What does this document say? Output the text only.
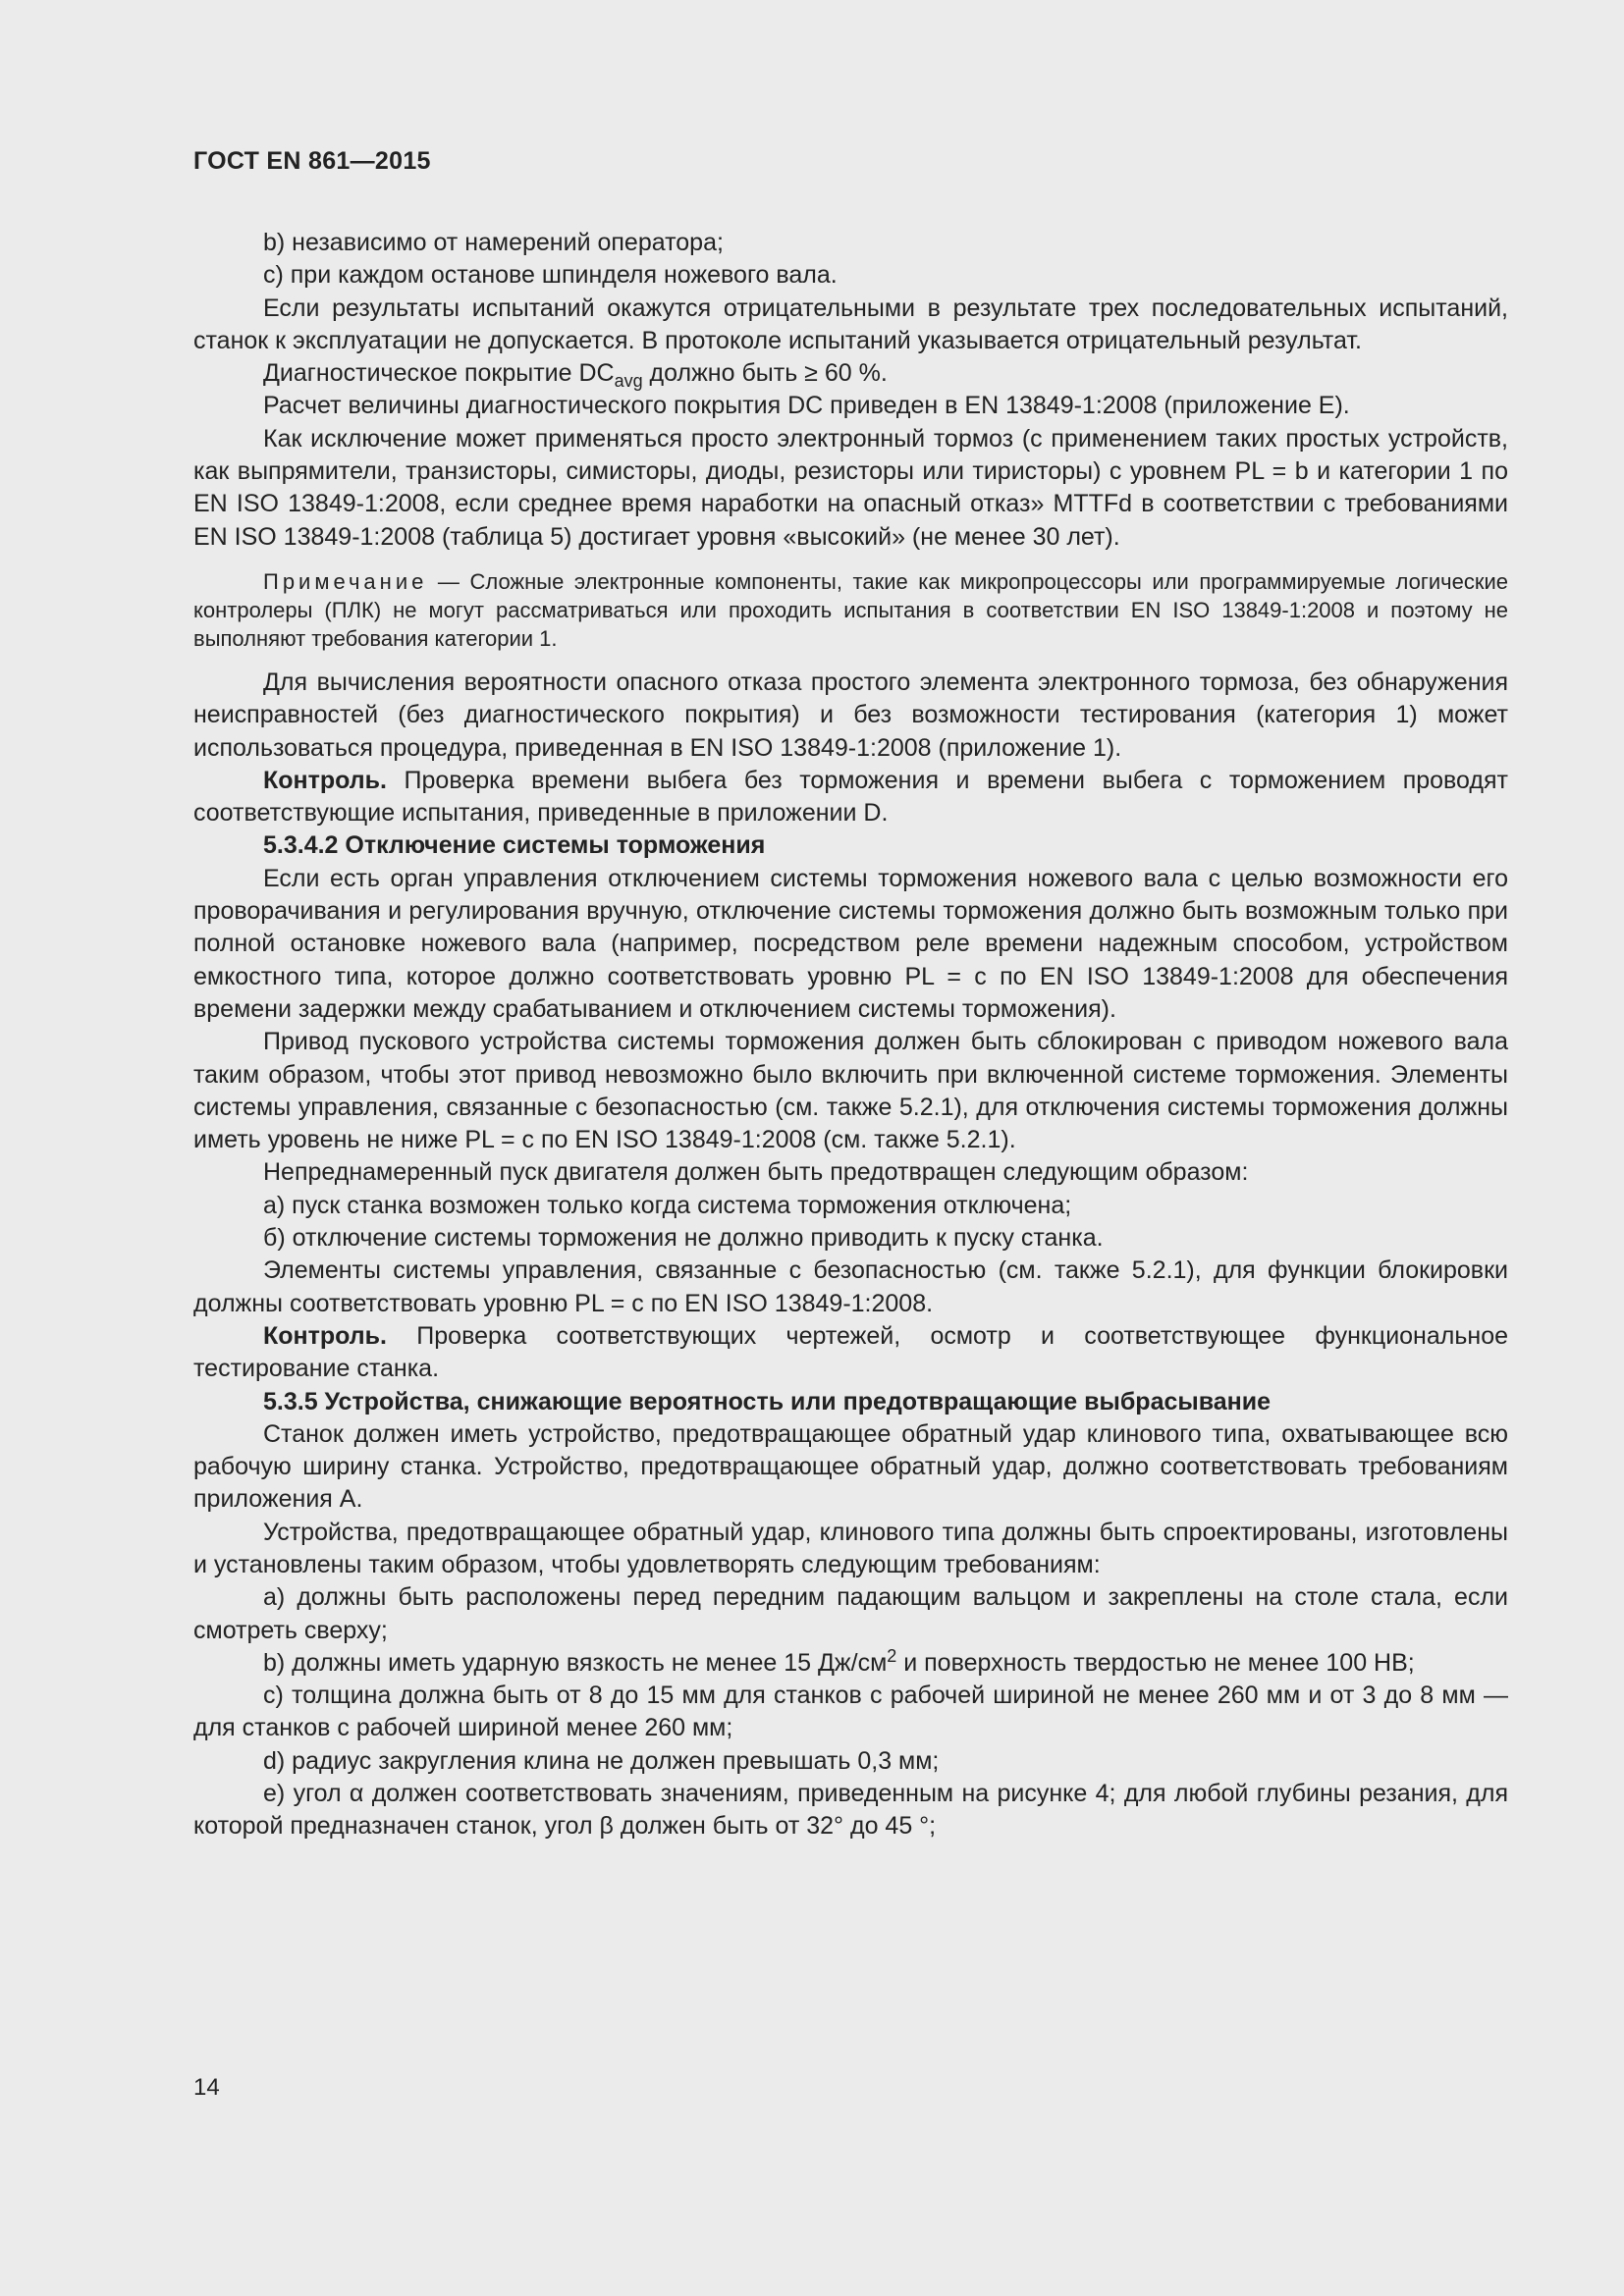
ГОСТ EN 861—2015

b) независимо от намерений оператора;

c) при каждом останове шпинделя ножевого вала.

Если результаты испытаний окажутся отрицательными в результате трех последовательных испытаний, станок к эксплуатации не допускается. В протоколе испытаний указывается отрицательный результат.

Диагностическое покрытие $DC_{avg}$ должно быть ≥ 60 %.

Расчет величины диагностического покрытия DC приведен в EN 13849-1:2008 (приложение E).

Как исключение может применяться просто электронный тормоз (с применением таких простых устройств, как выпрямители, транзисторы, симисторы, диоды, резисторы или тиристоры) с уровнем PL = b и категории 1 по EN ISO 13849-1:2008, если среднее время наработки на опасный отказ» MTTFd в соответствии с требованиями EN ISO 13849-1:2008 (таблица 5) достигает уровня «высокий» (не менее 30 лет).

Примечание — Сложные электронные компоненты, такие как микропроцессоры или программируемые логические контролеры (ПЛК) не могут рассматриваться или проходить испытания в соответствии EN ISO 13849-1:2008 и поэтому не выполняют требования категории 1.

Для вычисления вероятности опасного отказа простого элемента электронного тормоза, без обнаружения неисправностей (без диагностического покрытия) и без возможности тестирования (категория 1) может использоваться процедура, приведенная в EN ISO 13849-1:2008 (приложение 1).

Контроль. Проверка времени выбега без торможения и времени выбега с торможением проводят соответствующие испытания, приведенные в приложении D.

5.3.4.2 Отключение системы торможения

Если есть орган управления отключением системы торможения ножевого вала с целью возможности его проворачивания и регулирования вручную, отключение системы торможения должно быть возможным только при полной остановке ножевого вала (например, посредством реле времени надежным способом, устройством емкостного типа, которое должно соответствовать уровню PL = c по EN ISO 13849-1:2008 для обеспечения времени задержки между срабатыванием и отключением системы торможения).

Привод пускового устройства системы торможения должен быть сблокирован с приводом ножевого вала таким образом, чтобы этот привод невозможно было включить при включенной системе торможения. Элементы системы управления, связанные с безопасностью (см. также 5.2.1), для отключения системы торможения должны иметь уровень не ниже PL = c по EN ISO 13849-1:2008 (см. также 5.2.1).

Непреднамеренный пуск двигателя должен быть предотвращен следующим образом:

а) пуск станка возможен только когда система торможения отключена;

б) отключение системы торможения не должно приводить к пуску станка.

Элементы системы управления, связанные с безопасностью (см. также 5.2.1), для функции блокировки должны соответствовать уровню PL = c по EN ISO 13849-1:2008.

Контроль. Проверка соответствующих чертежей, осмотр и соответствующее функциональное тестирование станка.

5.3.5 Устройства, снижающие вероятность или предотвращающие выбрасывание

Станок должен иметь устройство, предотвращающее обратный удар клинового типа, охватывающее всю рабочую ширину станка. Устройство, предотвращающее обратный удар, должно соответствовать требованиям приложения A.

Устройства, предотвращающее обратный удар, клинового типа должны быть спроектированы, изготовлены и установлены таким образом, чтобы удовлетворять следующим требованиям:

a) должны быть расположены перед передним падающим вальцом и закреплены на столе стала, если смотреть сверху;

b) должны иметь ударную вязкость не менее 15 $Дж/см^2$ и поверхность твердостью не менее 100 HB;

c) толщина должна быть от 8 до 15 мм для станков с рабочей шириной не менее 260 мм и от 3 до 8 мм — для станков с рабочей шириной менее 260 мм;

d) радиус закругления клина не должен превышать 0,3 мм;

e) угол α должен соответствовать значениям, приведенным на рисунке 4; для любой глубины резания, для которой предназначен станок, угол β должен быть от 32° до 45 °;

14
